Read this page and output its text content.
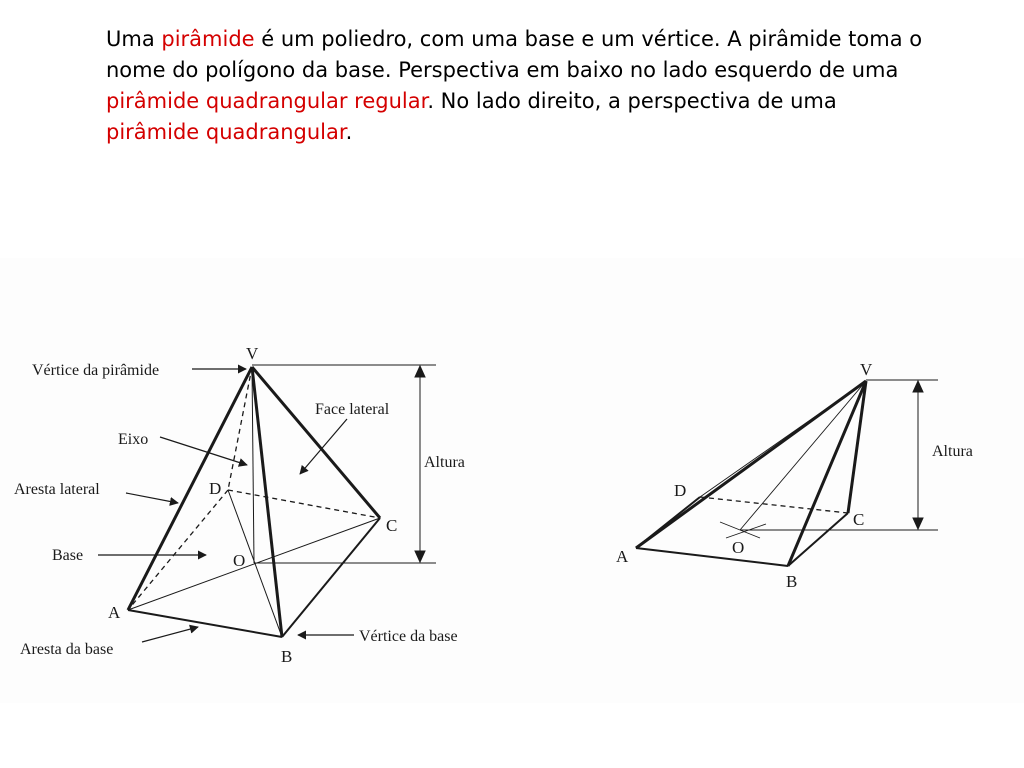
Uma pirâmide é um poliedro, com uma base e um vértice. A pirâmide toma o nome do polígono da base. Perspectiva em baixo no lado esquerdo de uma pirâmide quadrangular regular. No lado direito, a perspectiva de uma pirâmide quadrangular.

V
D
C
O
A
B
Vértice da pirâmide
Face lateral
Eixo
Altura
Aresta lateral
Base
Aresta da base
Vértice da base
V
D
C
O
A
B
Altura
